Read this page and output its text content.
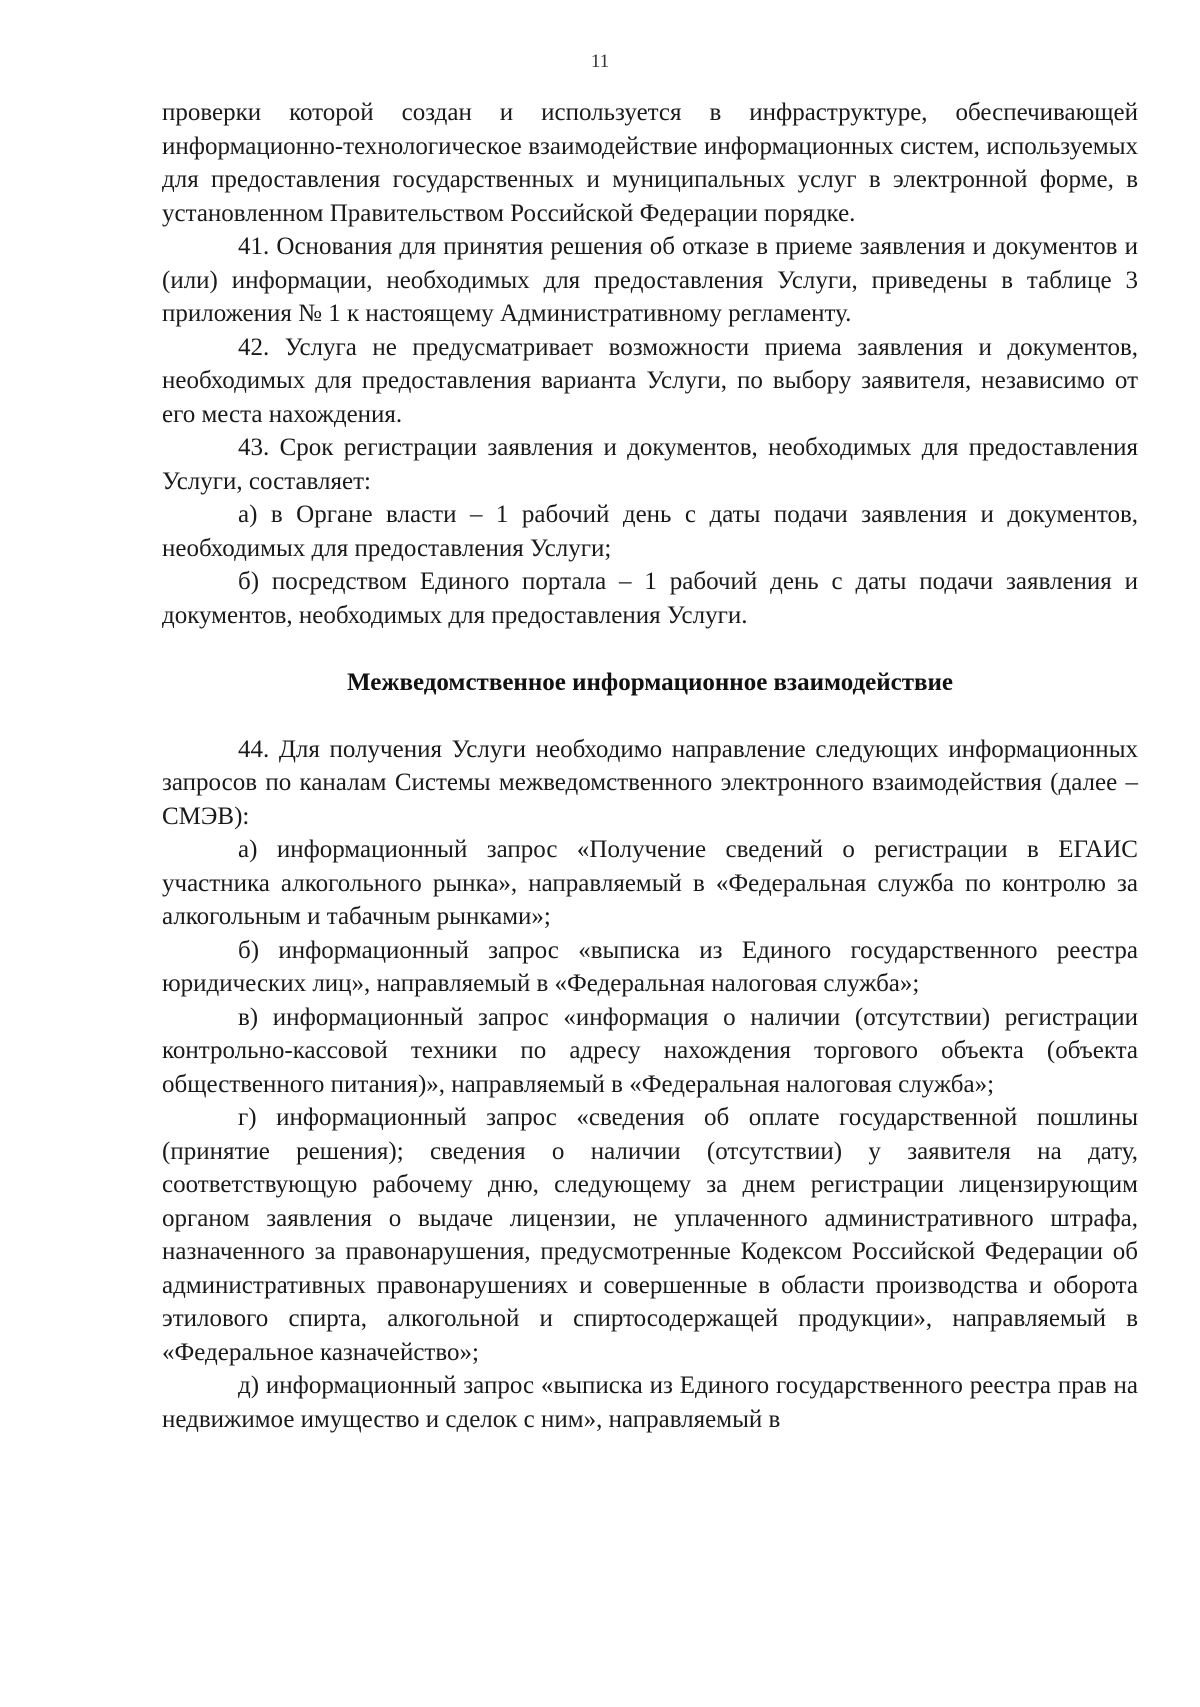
11

проверки которой создан и используется в инфраструктуре, обеспечивающей информационно-технологическое взаимодействие информационных систем, используемых для предоставления государственных и муниципальных услуг в электронной форме, в установленном Правительством Российской Федерации порядке.

41. Основания для принятия решения об отказе в приеме заявления и документов и (или) информации, необходимых для предоставления Услуги, приведены в таблице 3 приложения № 1 к настоящему Административному регламенту.

42. Услуга не предусматривает возможности приема заявления и документов, необходимых для предоставления варианта Услуги, по выбору заявителя, независимо от его места нахождения.

43. Срок регистрации заявления и документов, необходимых для предоставления Услуги, составляет:

а) в Органе власти – 1 рабочий день с даты подачи заявления и документов, необходимых для предоставления Услуги;

б) посредством Единого портала – 1 рабочий день с даты подачи заявления и документов, необходимых для предоставления Услуги.

Межведомственное информационное взаимодействие

44. Для получения Услуги необходимо направление следующих информационных запросов по каналам Системы межведомственного электронного взаимодействия (далее – СМЭВ):

а) информационный запрос «Получение сведений о регистрации в ЕГАИС участника алкогольного рынка», направляемый в «Федеральная служба по контролю за алкогольным и табачным рынками»;

б) информационный запрос «выписка из Единого государственного реестра юридических лиц», направляемый в «Федеральная налоговая служба»;

в) информационный запрос «информация о наличии (отсутствии) регистрации контрольно-кассовой техники по адресу нахождения торгового объекта (объекта общественного питания)», направляемый в «Федеральная налоговая служба»;

г) информационный запрос «сведения об оплате государственной пошлины (принятие решения); сведения о наличии (отсутствии) у заявителя на дату, соответствующую рабочему дню, следующему за днем регистрации лицензирующим органом заявления о выдаче лицензии, не уплаченного административного штрафа, назначенного за правонарушения, предусмотренные Кодексом Российской Федерации об административных правонарушениях и совершенные в области производства и оборота этилового спирта, алкогольной и спиртосодержащей продукции», направляемый в «Федеральное казначейство»;

д) информационный запрос «выписка из Единого государственного реестра прав на недвижимое имущество и сделок с ним», направляемый в
